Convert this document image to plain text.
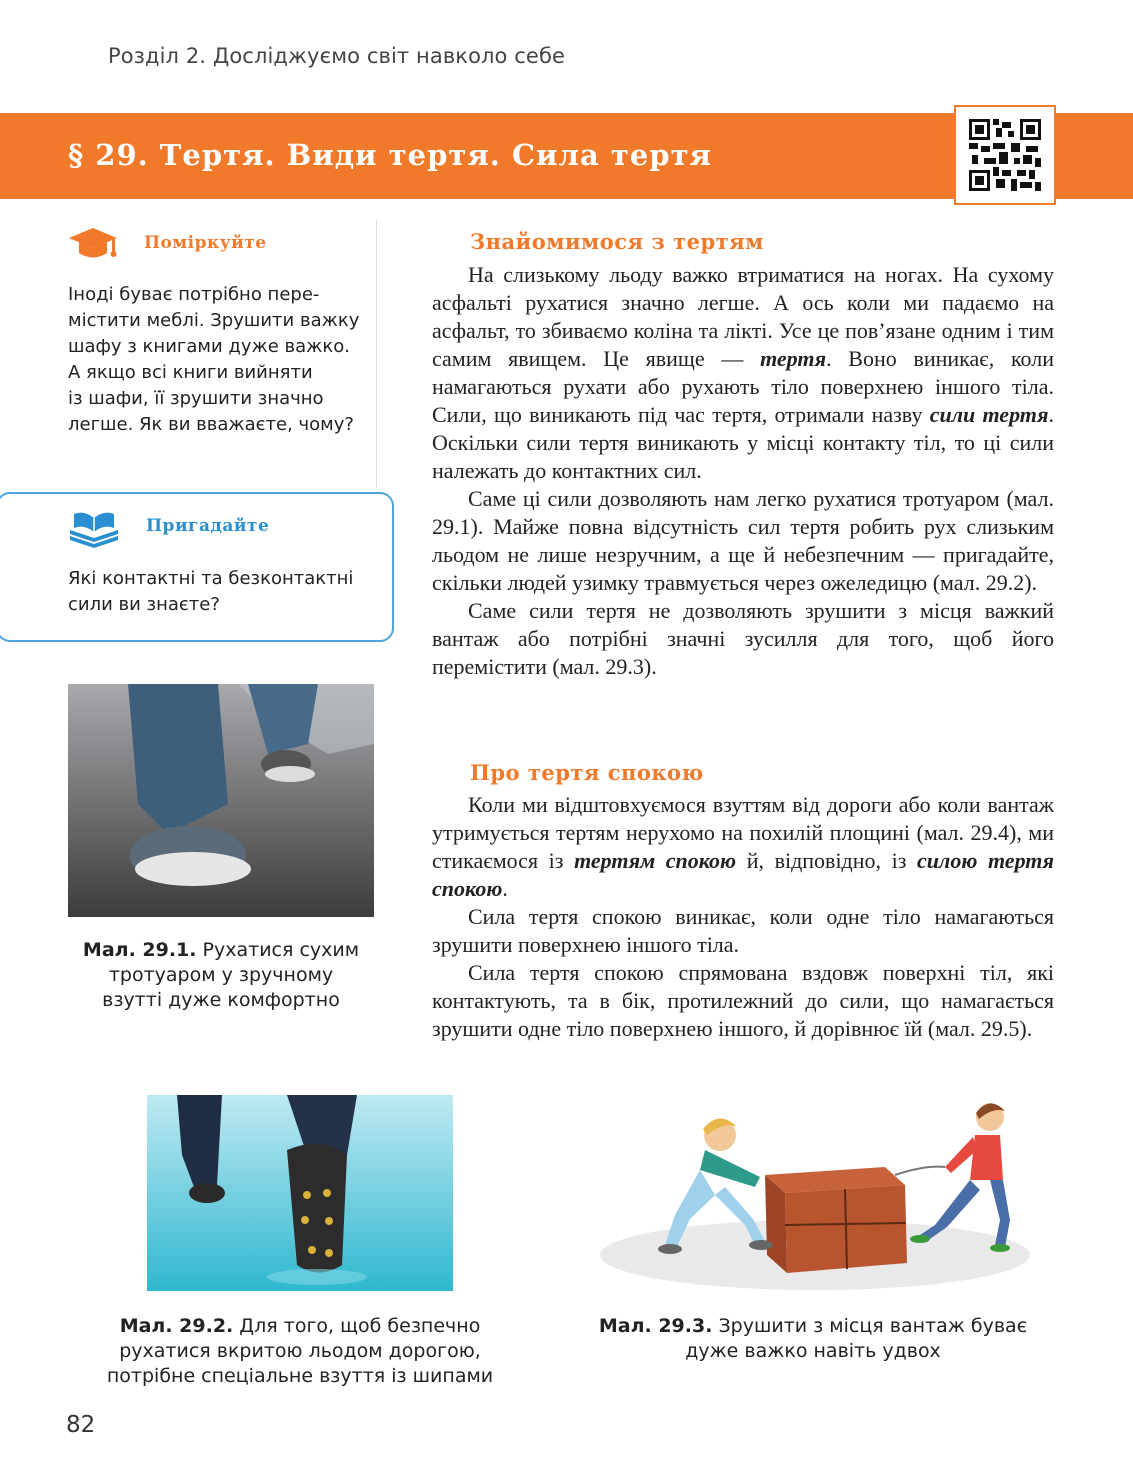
Розділ 2. Досліджуємо світ навколо себе
§ 29. Тертя. Види тертя. Сила тертя
Поміркуйте
Іноді буває потрібно пере-
містити меблі. Зрушити важку
шафу з книгами дуже важко.
А якщо всі книги вийняти
із шафи, її зрушити значно
легше. Як ви вважаєте, чому?
Пригадайте
Які контактні та безконтактні
сили ви знаєте?
Мал. 29.1. Рухатися сухим
тротуаром у зручному
взутті дуже комфортно
Знайомимося з тертям

На слизькому льоду важко втриматися на ногах. На сухому асфальті рухатися значно легше. А ось коли ми падаємо на асфальт, то збиваємо коліна та лікті. Усе це пов’язане одним і тим самим явищем. Це явище — тертя. Воно виникає, коли намагаються рухати або рухають тіло поверхнею іншого тіла. Сили, що виникають під час тертя, отримали назву сили тертя. Оскільки сили тертя виникають у місці контакту тіл, то ці сили належать до контактних сил.

Саме ці сили дозволяють нам легко рухатися тротуаром (мал. 29.1). Майже повна відсутність сил тертя робить рух слизьким льодом не лише незручним, а ще й небезпечним — пригадайте, скільки людей узимку травмується через ожеледицю (мал. 29.2).

Саме сили тертя не дозволяють зрушити з місця важкий вантаж або потрібні значні зусилля для того, щоб його перемістити (мал. 29.3).

Про тертя спокою

Коли ми відштовхуємося взуттям від дороги або коли вантаж утримується тертям нерухомо на похилій площині (мал. 29.4), ми стикаємося із тертям спокою й, відповідно, із силою тертя спокою.

Сила тертя спокою виникає, коли одне тіло намагаються зрушити поверхнею іншого тіла.

Сила тертя спокою спрямована вздовж поверхні тіл, які контактують, та в бік, протилежний до сили, що намагається зрушити одне тіло поверхнею іншого, й дорівнює їй (мал. 29.5).

Мал. 29.2. Для того, щоб безпечно
рухатися вкритою льодом дорогою,
потрібне спеціальне взуття із шипами
Мал. 29.3. Зрушити з місця вантаж буває
дуже важко навіть удвох
82
